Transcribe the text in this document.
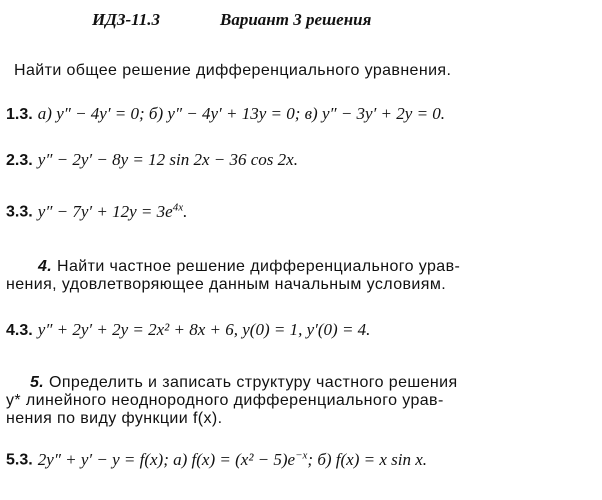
ИДЗ-11.3	Вариант 3 решения
Найти общее решение дифференциального уравнения.
1.3. а) y″ − 4y′ = 0; б) y″ − 4y′ + 13y = 0; в) y″ − 3y′ + 2y = 0.
2.3. y″ − 2y′ − 8y = 12 sin 2x − 36 cos 2x.
3.3. $y'' - 7y' + 12y = 3e^{4x}$.
4. Найти частное решение дифференциального урав-
нения, удовлетворяющее данным начальным условиям.
4.3. y″ + 2y′ + 2y = 2x² + 8x + 6, y(0) = 1, y′(0) = 4.
5. Определить и записать структуру частного решения
y* линейного неоднородного дифференциального урав-
нения по виду функции f(x).
5.3. 2y″ + y′ − y = f(x); а) $f(x) = (x^2 - 5)e^{-x}$; б) f(x) = x sin x.
